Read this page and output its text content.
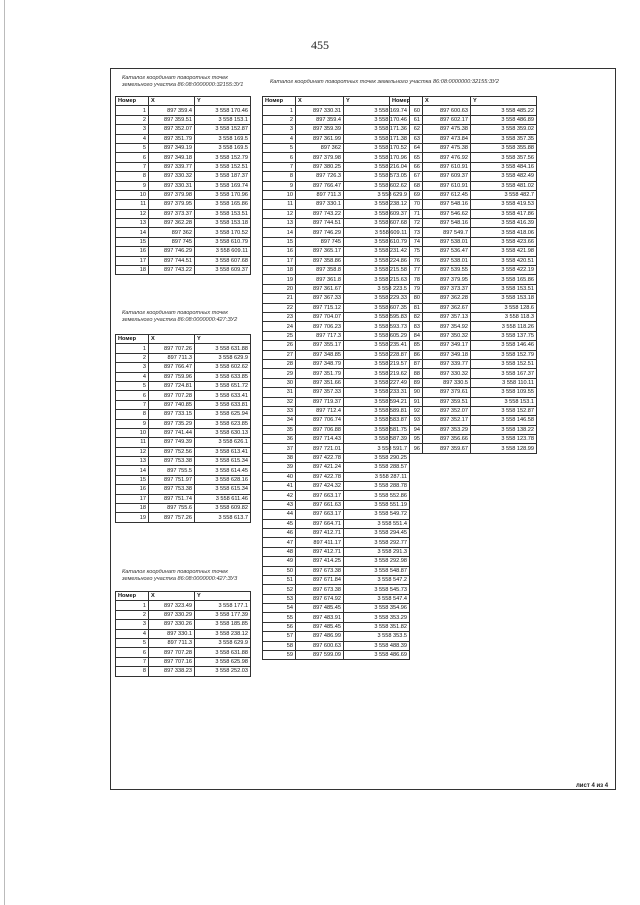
455
Каталог координат поворотных точек
земельного участка 86:08:0000000:32155:ЗУ1
Номер	X	Y
1	897 359.4	3 558 170.46
2	897 359.51	3 558 153.1
3	897 352.07	3 558 152.87
4	897 351.79	3 558 169.5
5	897 349.19	3 558 169.5
6	897 349.18	3 558 152.79
7	897 339.77	3 558 152.51
8	897 330.32	3 558 187.37
9	897 330.31	3 558 169.74
10	897 379.98	3 558 170.96
11	897 379.95	3 558 165.86
12	897 373.37	3 558 153.51
13	897 362.28	3 558 153.18
14	897 362	3 558 170.52
15	897 745	3 558 610.79
16	897 746.29	3 558 609.11
17	897 744.51	3 558 607.68
18	897 743.22	3 558 609.37
Каталог координат поворотных точек
земельного участка 86:08:0000000:427:ЗУ2
Номер	X	Y
1	897 707.26	3 558 631.88
2	897 711.3	3 558 629.9
3	897 766.47	3 558 602.62
4	897 759.96	3 558 633.85
5	897 724.81	3 558 651.72
6	897 707.28	3 558 633.41
7	897 740.85	3 558 633.81
8	897 733.15	3 558 625.94
9	897 735.29	3 558 623.85
10	897 741.44	3 558 630.13
11	897 749.39	3 558 626.1
12	897 752.56	3 558 613.41
13	897 753.38	3 558 615.34
14	897 755.5	3 558 614.45
15	897 751.97	3 558 628.16
16	897 753.38	3 558 615.34
17	897 751.74	3 558 611.46
18	897 755.6	3 558 609.82
19	897 757.26	3 558 613.7
Каталог координат поворотных точек
земельного участка 86:08:0000000:427:ЗУ3
Номер	X	Y
1	897 323.49	3 558 177.1
2	897 330.29	3 558 177.39
3	897 330.26	3 558 185.85
4	897 330.1	3 558 238.12
5	897 711.3	3 558 629.9
6	897 707.28	3 558 631.88
7	897 707.16	3 558 625.98
8	897 338.23	3 558 252.03
Каталог координат поворотных точек земельного участка 86:08:0000000:32155:ЗУ2
Номер	X	Y
1	897 330.31	3 558 169.74
2	897 359.4	3 558 170.46
3	897 359.39	3 558 171.36
4	897 361.99	3 558 171.38
5	897 362	3 558 170.52
6	897 379.98	3 558 170.96
7	897 380.25	3 558 216.04
8	897 726.3	3 558 573.05
9	897 766.47	3 558 602.62
10	897 711.3	3 558 629.9
11	897 330.1	3 558 238.12
12	897 743.22	3 558 609.37
13	897 744.51	3 558 607.68
14	897 746.29	3 558 609.11
15	897 745	3 558 610.79
16	897 365.17	3 558 231.42
17	897 358.86	3 558 224.86
18	897 358.8	3 558 215.58
19	897 361.8	3 558 215.63
20	897 361.67	3 558 223.5
21	897 367.33	3 558 229.33
22	897 715.12	3 558 607.35
23	897 704.07	3 558 595.83
24	897 706.23	3 558 593.73
25	897 717.3	3 558 605.29
26	897 355.17	3 558 235.41
27	897 348.85	3 558 228.87
28	897 348.79	3 558 219.57
29	897 351.79	3 558 219.62
30	897 351.66	3 558 227.49
31	897 357.33	3 558 233.31
32	897 719.37	3 558 594.21
33	897 712.4	3 558 589.81
34	897 706.74	3 558 583.87
35	897 706.88	3 558 581.75
36	897 714.43	3 558 587.39
37	897 721.01	3 558 591.7
38	897 422.78	3 558 290.25
39	897 421.24	3 558 288.57
40	897 422.78	3 558 287.11
41	897 424.32	3 558 288.78
42	897 663.17	3 558 552.86
43	897 661.63	3 558 551.19
44	897 663.17	3 558 549.72
45	897 664.71	3 558 551.4
46	897 412.71	3 558 294.45
47	897 411.17	3 558 292.77
48	897 412.71	3 558 291.3
49	897 414.25	3 558 292.98
50	897 673.38	3 558 548.87
51	897 671.84	3 558 547.2
52	897 673.38	3 558 545.73
53	897 674.92	3 558 547.4
54	897 485.45	3 558 354.96
55	897 483.91	3 558 353.29
56	897 485.45	3 558 351.82
57	897 486.99	3 558 353.5
58	897 600.63	3 558 488.39
59	897 599.09	3 558 486.69
Номер	X	Y
60	897 600.63	3 558 485.22
61	897 602.17	3 558 486.89
62	897 475.38	3 558 359.02
63	897 473.84	3 558 357.35
64	897 475.38	3 558 355.88
65	897 476.92	3 558 357.56
66	897 610.91	3 558 484.16
67	897 609.37	3 558 482.49
68	897 610.91	3 558 481.02
69	897 612.45	3 558 482.7
70	897 548.16	3 558 419.53
71	897 546.62	3 558 417.86
72	897 548.16	3 558 416.39
73	897 549.7	3 558 418.06
74	897 538.01	3 558 423.66
75	897 536.47	3 558 421.98
76	897 538.01	3 558 420.51
77	897 539.55	3 558 422.19
78	897 379.95	3 558 165.86
79	897 373.37	3 558 153.51
80	897 362.28	3 558 153.18
81	897 362.67	3 558 128.6
82	897 357.13	3 558 118.3
83	897 354.92	3 558 118.26
84	897 350.32	3 558 137.75
85	897 349.17	3 558 146.46
86	897 349.18	3 558 152.79
87	897 339.77	3 558 152.51
88	897 330.32	3 558 167.37
89	897 330.5	3 558 110.11
90	897 379.61	3 558 109.55
91	897 359.51	3 558 153.1
92	897 352.07	3 558 152.87
93	897 352.17	3 558 146.58
94	897 353.29	3 558 138.22
95	897 356.66	3 558 123.78
96	897 359.67	3 558 128.99
лист 4 из 4
